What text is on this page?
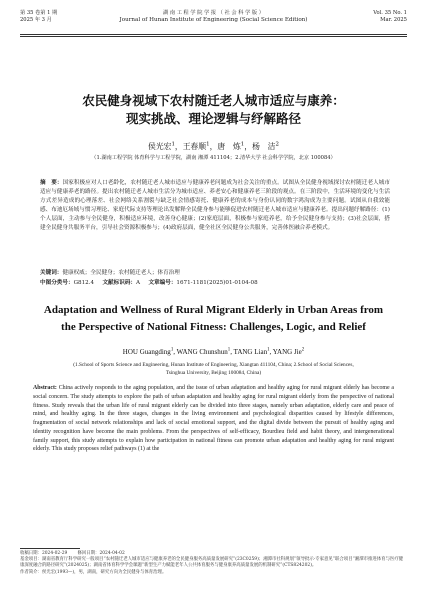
第 35 卷第 1 期
2025 年 3 月
湖 南 工 程 学 院 学 报 （ 社 会 科 学 版 ）
Journal of Hunan Institute of Engineering (Social Science Edition)
Vol. 35 No. 1
Mar. 2025
农民健身视域下农村随迁老人城市适应与康养：
现实挑战、理论逻辑与纾解路径
侯光宏$^1$，王春顺$^1$，唐　炼$^1$，杨　洁$^2$
（1.湖南工程学院 体育科学与工程学院，湖南 湘潭 411104；2.清华大学 社会科学学院，北京 100084）
摘　要：国家积极应对人口老龄化，农村随迁老人城市适应与健康养老问题成为社会关注的重点。试图从全民健身视域探讨农村随迁老人城市适应与健康养老的路径。提出农村随迁老人城市生活分为城市适应、养老安心和健康养老三阶段的观点。在三阶段中，生活环境的变化与生活方式差异造成的心理落差、社会网络关系割裂与缺乏社会情感寄托、健康养老的成本与身份认同的数字鸿沟成为主要问题。试图从自我效能感、布迪厄场域与惯习理论、家庭代际支持等理论出发解释全民健身参与能够促进农村随迁老人城市适应与健康养老。提出问题纾解路径：(1)个人层面，主动参与全民健身，积极适应环境，改善身心健康；(2)家庭层面，积极参与家庭养老，给予全民健身参与支持；(3)社会层面，搭建全民健身共服务平台，引导社会资源积极参与；(4)政府层面，健全社区全民健身公共服务，完善体医融合养老模式。
关键词：健康权威；全民健身；农村随迁老人；体育治理
中图分类号：G812.4  文献标识码：A  文章编号：1671-1181(2025)01-0104-08
Adaptation and Wellness of Rural Migrant Elderly in Urban Areas from
the Perspective of National Fitness: Challenges, Logic, and Relief
HOU Guangding$^1$, WANG Chunshun$^1$, TANG Lian$^1$, YANG Jie$^2$
(1.School of Sports Science and Engineering, Hunan Institute of Engineering, Xiangtan 411104, China; 2.School of Social Sciences,
Tsinghua University, Beijing 100084, China)
Abstract: China actively responds to the aging population, and the issue of urban adaptation and healthy aging for rural migrant elderly has become a social concern. The study attempts to explore the path of urban adaptation and healthy aging for rural migrant elderly from the perspective of national fitness. Study reveals that the urban life of rural migrant elderly can be divided into three stages, namely urban adaptation, elderly care and peace of mind, and healthy aging. In the three stages, changes in the living environment and psychological disparities caused by lifestyle differences, fragmentation of social network relationships and lack of social emotional support, and the digital divide between the pursuit of healthy aging and identity recognition have become the main problems. From the perspectives of self-efficacy, Bourdieu field and habit theory, and intergenerational family support, this study attempts to explain how participation in national fitness can promote urban adaptation and healthy aging for rural migrant elderly. This study proposes relief pathways (1) at the
收稿日期：2024-02-29   修回日期：2024-04-02
基金项目：湖南省教育厅科学研究一般项目“农村随迁老人城市适应与健康养老的全民健身服务高质量发展研究”(23C0259)；湘潭市社科规划“领导批示-专家意见”联合项目“湘潭市推进体育与医疗健康深度融合的路径研究”(2024025)；湖南省体育科学学会课题“新型生产力赋能老年人公共体育服务与健身康养高质量发展的机制研究”(CTS824202)。
作者简介：侯光宏(1993—)，男，湖南，研究方向为全民健身与体育治理。
